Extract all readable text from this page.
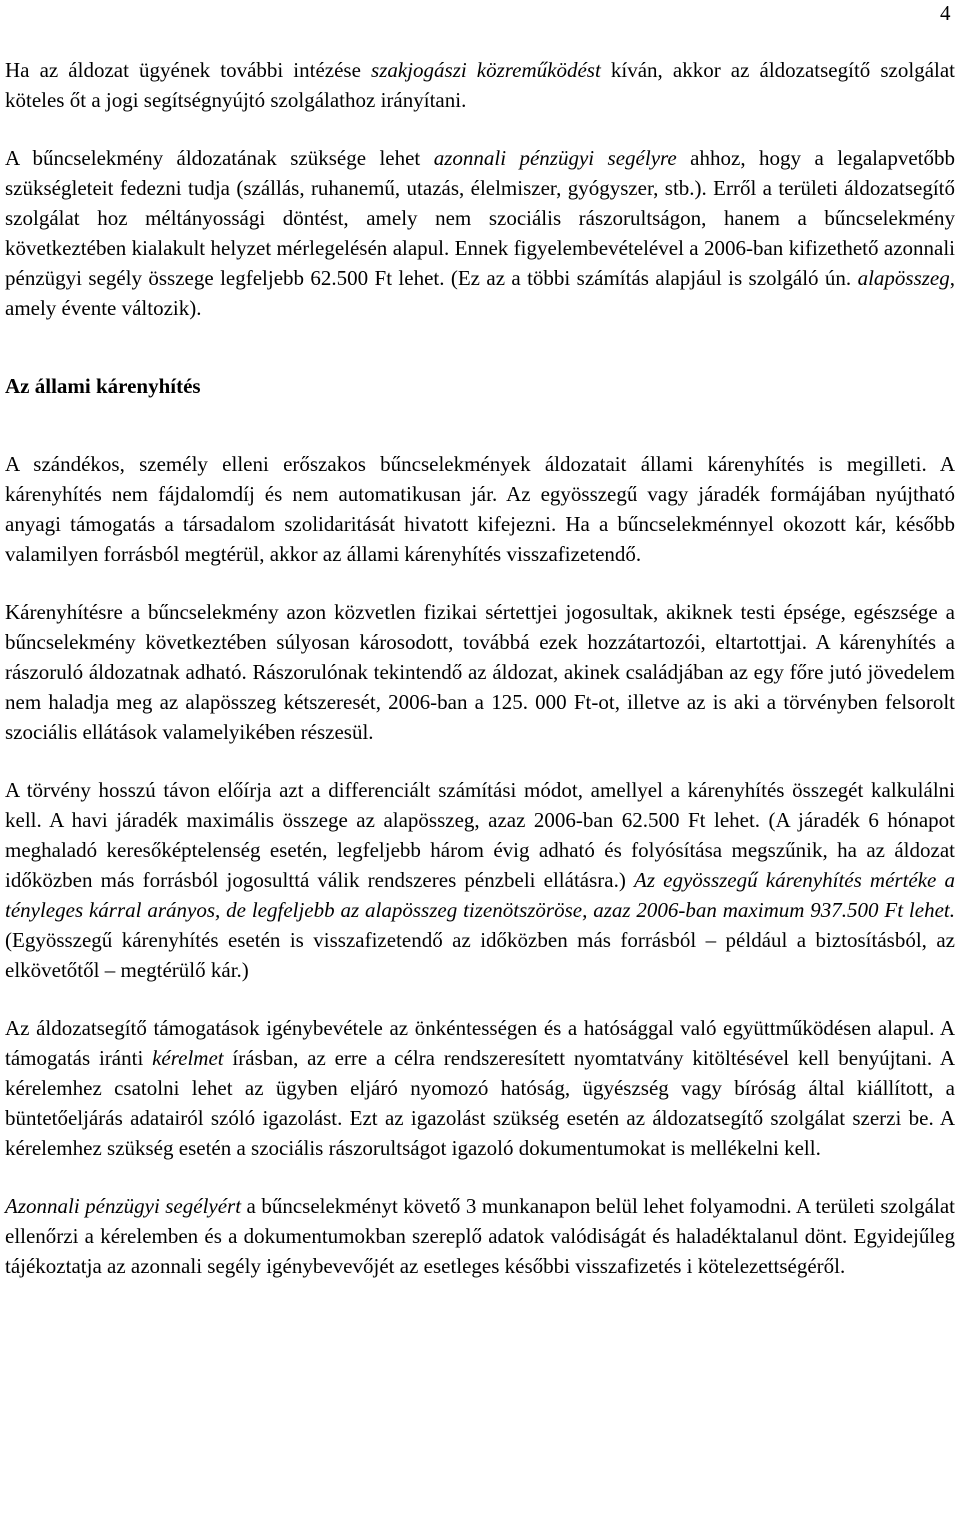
4

Ha az áldozat ügyének további intézése szakjogászi közreműködést kíván, akkor az áldozatsegítő szolgálat köteles őt a jogi segítségnyújtó szolgálathoz irányítani.

A bűncselekmény áldozatának szüksége lehet azonnali pénzügyi segélyre ahhoz, hogy a legalapvetőbb szükségleteit fedezni tudja (szállás, ruhanemű, utazás, élelmiszer, gyógyszer, stb.). Erről a területi áldozatsegítő szolgálat hoz méltányossági döntést, amely nem szociális rászorultságon, hanem a bűncselekmény következtében kialakult helyzet mérlegelésén alapul. Ennek figyelembevételével a 2006-ban kifizethető azonnali pénzügyi segély összege legfeljebb 62.500 Ft lehet. (Ez az a többi számítás alapjául is szolgáló ún. alapösszeg, amely évente változik).

Az állami kárenyhítés

A szándékos, személy elleni erőszakos bűncselekmények áldozatait állami kárenyhítés is megilleti. A kárenyhítés nem fájdalomdíj és nem automatikusan jár. Az egyösszegű vagy járadék formájában nyújtható anyagi támogatás a társadalom szolidaritását hivatott kifejezni. Ha a bűncselekménnyel okozott kár, később valamilyen forrásból megtérül, akkor az állami kárenyhítés visszafizetendő.

Kárenyhítésre a bűncselekmény azon közvetlen fizikai sértettjei jogosultak, akiknek testi épsége, egészsége a bűncselekmény következtében súlyosan károsodott, továbbá ezek hozzátartozói, eltartottjai. A kárenyhítés a rászoruló áldozatnak adható. Rászorulónak tekintendő az áldozat, akinek családjában az egy főre jutó jövedelem nem haladja meg az alapösszeg kétszeresét, 2006-ban a 125. 000 Ft-ot, illetve az is aki a törvényben felsorolt szociális ellátások valamelyikében részesül.

A törvény hosszú távon előírja azt a differenciált számítási módot, amellyel a kárenyhítés összegét kalkulálni kell. A havi járadék maximális összege az alapösszeg, azaz 2006-ban 62.500 Ft lehet. (A járadék 6 hónapot meghaladó keresőképtelenség esetén, legfeljebb három évig adható és folyósítása megszűnik, ha az áldozat időközben más forrásból jogosulttá válik rendszeres pénzbeli ellátásra.) Az egyösszegű kárenyhítés mértéke a tényleges kárral arányos, de legfeljebb az alapösszeg tizenötszöröse, azaz 2006-ban maximum 937.500 Ft lehet. (Egyösszegű kárenyhítés esetén is visszafizetendő az időközben más forrásból – például a biztosításból, az elkövetőtől – megtérülő kár.)

Az áldozatsegítő támogatások igénybevétele az önkéntességen és a hatósággal való együttműködésen alapul. A támogatás iránti kérelmet írásban, az erre a célra rendszeresített nyomtatvány kitöltésével kell benyújtani. A kérelemhez csatolni lehet az ügyben eljáró nyomozó hatóság, ügyészség vagy bíróság által kiállított, a büntetőeljárás adatairól szóló igazolást. Ezt az igazolást szükség esetén az áldozatsegítő szolgálat szerzi be. A kérelemhez szükség esetén a szociális rászorultságot igazoló dokumentumokat is mellékelni kell.

Azonnali pénzügyi segélyért a bűncselekményt követő 3 munkanapon belül lehet folyamodni. A területi szolgálat ellenőrzi a kérelemben és a dokumentumokban szereplő adatok valódiságát és haladéktalanul dönt. Egyidejűleg tájékoztatja az azonnali segély igénybevevőjét az esetleges későbbi visszafizetés i kötelezettségéről.
